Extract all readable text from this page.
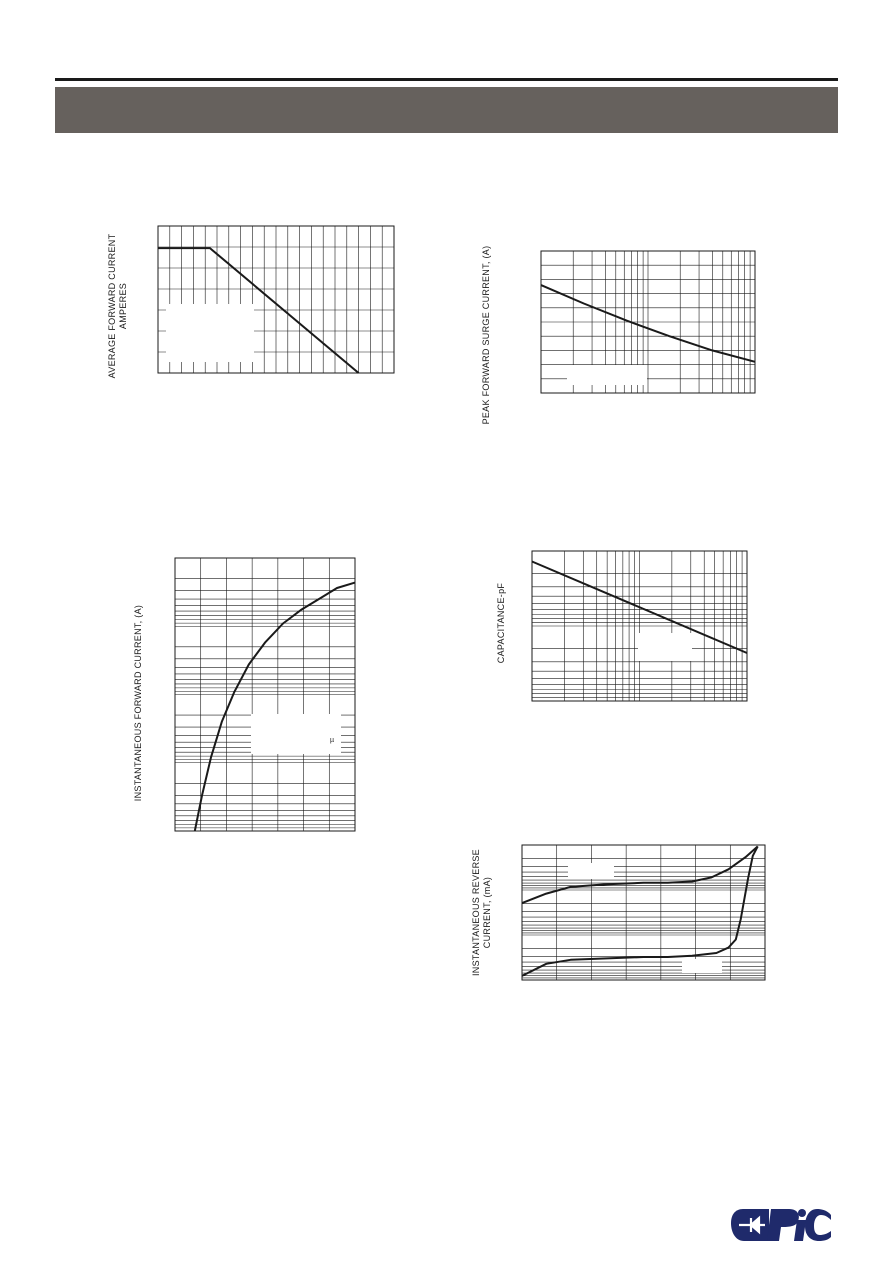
AVERAGE FORWARD CURRENT AMPERES	PEAK FORWARD SURGE CURRENT, (A)
µ
INSTANTANEOUS FORWARD CURRENT, (A)	CAPACITANCE-pF
INSTANTANEOUS REVERSE CURRENT, (mA)
